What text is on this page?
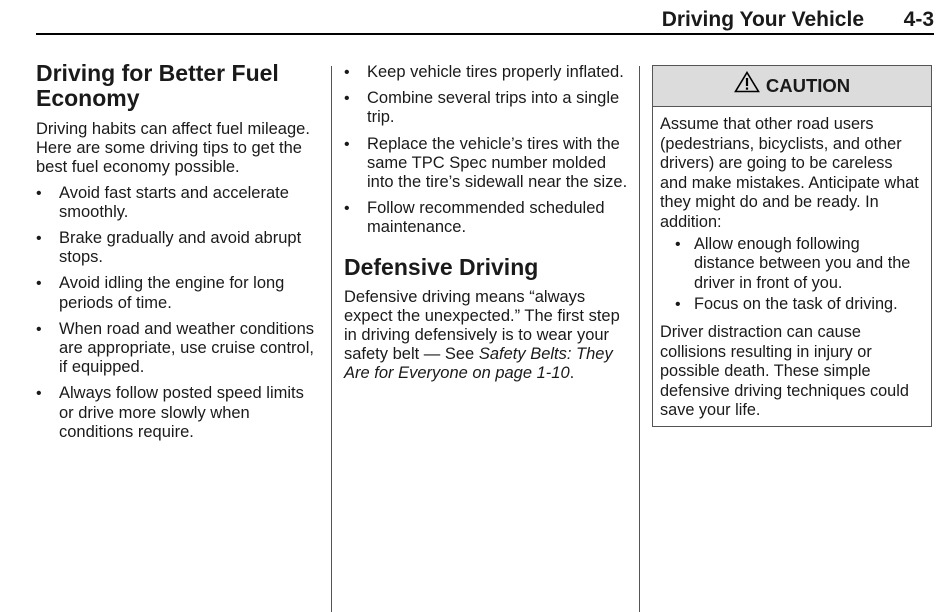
Driving Your Vehicle 4-3
Driving for Better Fuel Economy

Driving habits can affect fuel mileage. Here are some driving tips to get the best fuel economy possible.

• Avoid fast starts and accelerate smoothly.
• Brake gradually and avoid abrupt stops.
• Avoid idling the engine for long periods of time.
• When road and weather conditions are appropriate, use cruise control, if equipped.
• Always follow posted speed limits or drive more slowly when conditions require.
• Keep vehicle tires properly inflated.
• Combine several trips into a single trip.
• Replace the vehicle’s tires with the same TPC Spec number molded into the tire’s sidewall near the size.
• Follow recommended scheduled maintenance.
Defensive Driving

Defensive driving means “always expect the unexpected.” The first step in driving defensively is to wear your safety belt — See Safety Belts: They Are for Everyone on page 1-10.

CAUTION

Assume that other road users (pedestrians, bicyclists, and other drivers) are going to be careless and make mistakes. Anticipate what they might do and be ready. In addition:

• Allow enough following distance between you and the driver in front of you.
• Focus on the task of driving.

Driver distraction can cause collisions resulting in injury or possible death. These simple defensive driving techniques could save your life.
